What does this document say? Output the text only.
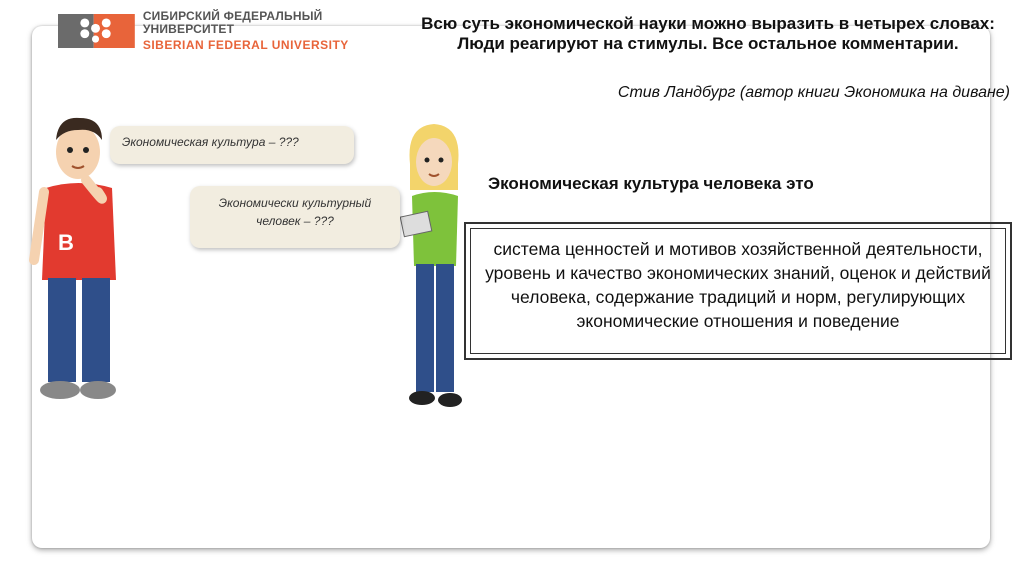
СИБИРСКИЙ ФЕДЕРАЛЬНЫЙ УНИВЕРСИТЕТ
SIBERIAN FEDERAL UNIVERSITY
Всю суть экономической науки можно выразить в четырех словах: Люди реагируют на стимулы. Все остальное комментарии.
Стив Ландбург (автор книги Экономика на диване)
B
Экономическая культура – ???
Экономически культурный человек – ???
Экономическая культура человека это
система ценностей и мотивов хозяйственной деятельности, уровень и качество экономических знаний, оценок и действий человека, содержание традиций и норм, регулирующих экономические отношения и поведение
